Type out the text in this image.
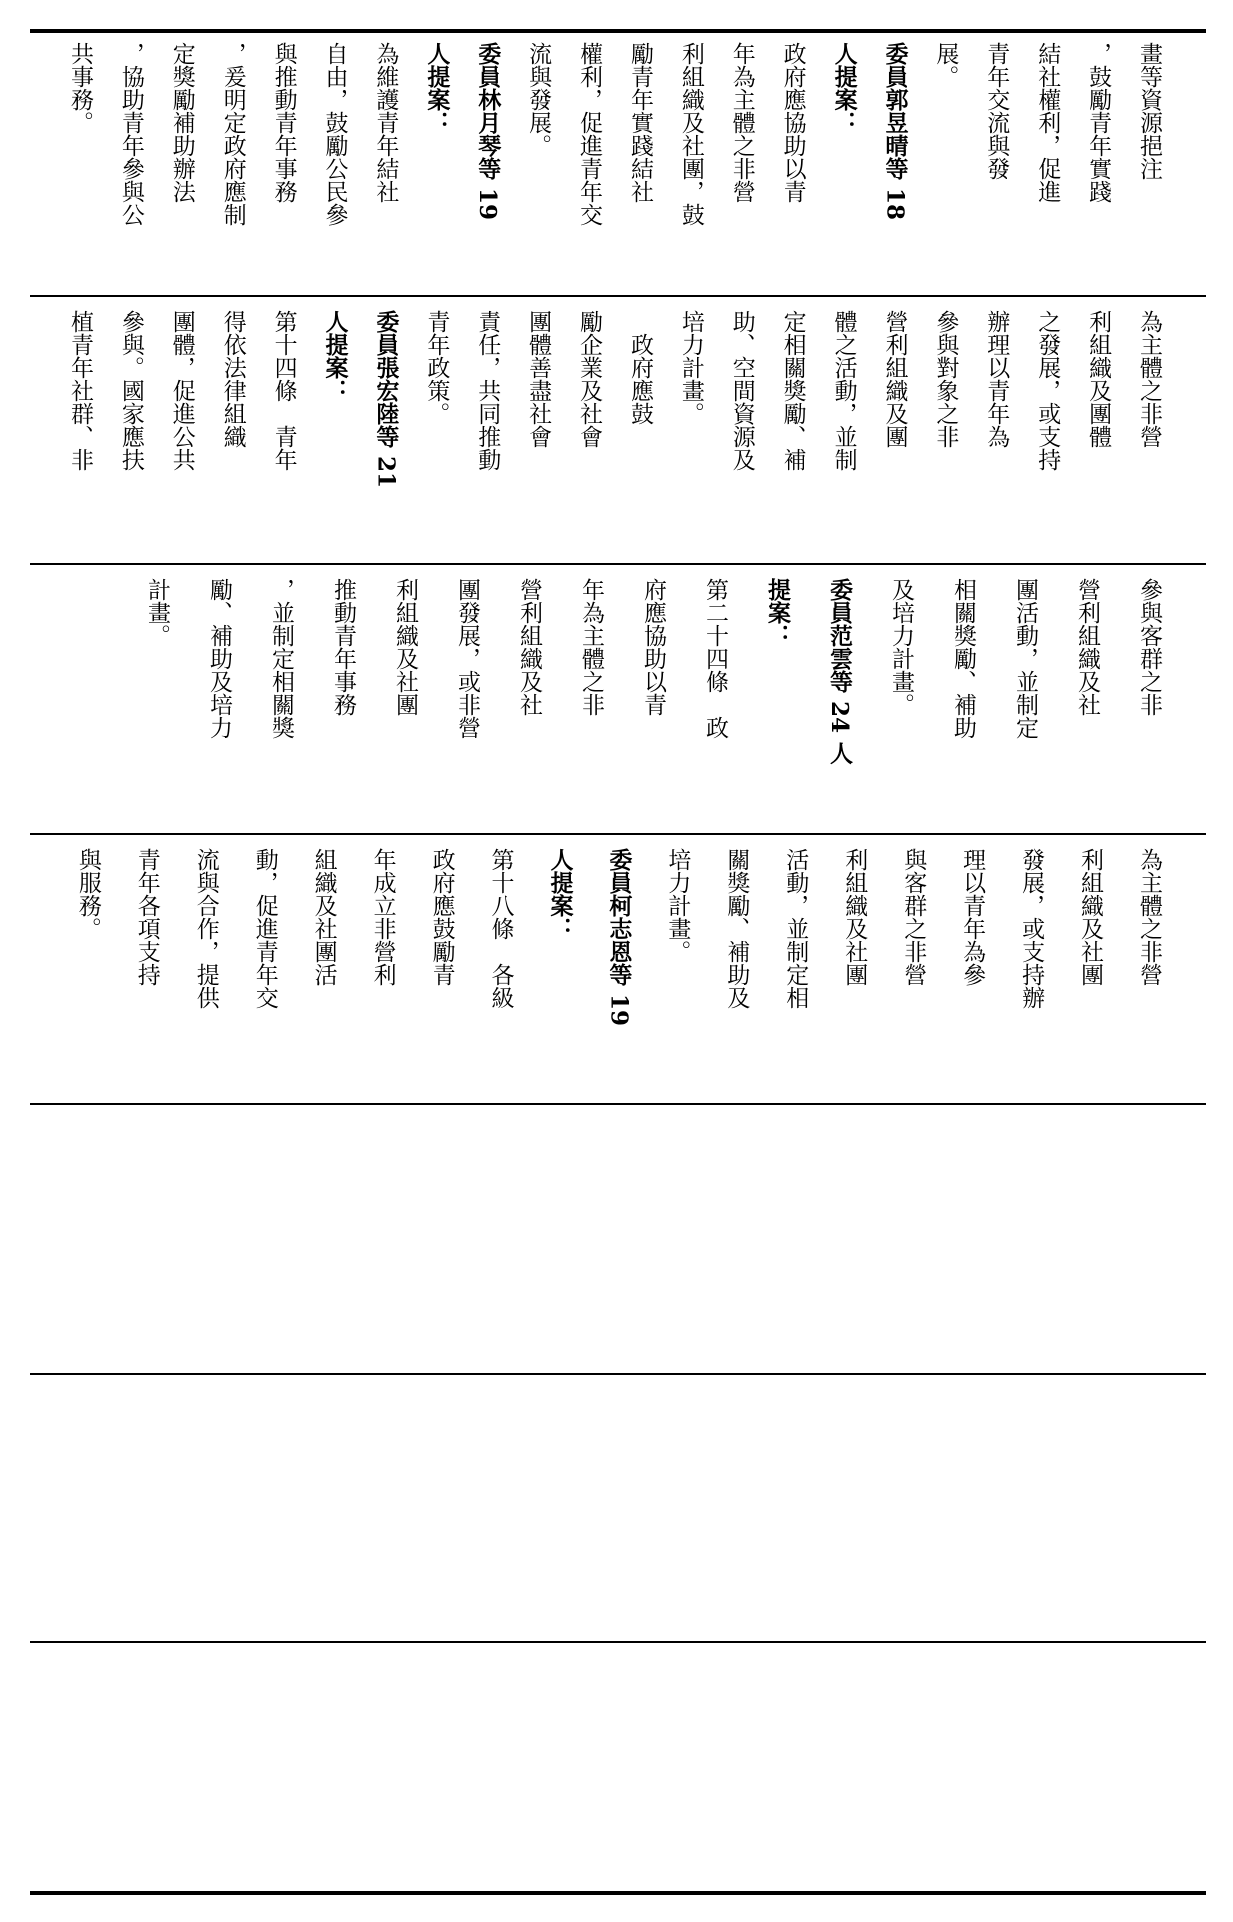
畫等資源挹注
，鼓勵青年實踐
結社權利，促進
青年交流與發
展。
委員郭昱晴等 18
人提案：
政府應協助以青
年為主體之非營
利組織及社團，鼓
勵青年實踐結社
權利，促進青年交
流與發展。
委員林月琴等 19
人提案：
為維護青年結社
自由，鼓勵公民參
與推動青年事務
，爰明定政府應制
定獎勵補助辦法
，協助青年參與公
共事務。
為主體之非營
利組織及團體
之發展，或支持
辦理以青年為
參與對象之非
營利組織及團
體之活動，並制
定相關獎勵、補
助、空間資源及
培力計畫。
　政府應鼓
勵企業及社會
團體善盡社會
責任，共同推動
青年政策。
委員張宏陸等 21
人提案：
第十四條　青年
得依法律組織
團體，促進公共
參與。國家應扶
植青年社群、非
參與客群之非
營利組織及社
團活動，並制定
相關獎勵、補助
及培力計畫。
委員范雲等 24 人
提案：
第二十四條　政
府應協助以青
年為主體之非
營利組織及社
團發展，或非營
利組織及社團
推動青年事務
，並制定相關獎
勵、補助及培力
計畫。
為主體之非營
利組織及社團
發展，或支持辦
理以青年為參
與客群之非營
利組織及社團
活動，並制定相
關獎勵、補助及
培力計畫。
委員柯志恩等 19
人提案：
第十八條　各級
政府應鼓勵青
年成立非營利
組織及社團活
動，促進青年交
流與合作，提供
青年各項支持
與服務。
